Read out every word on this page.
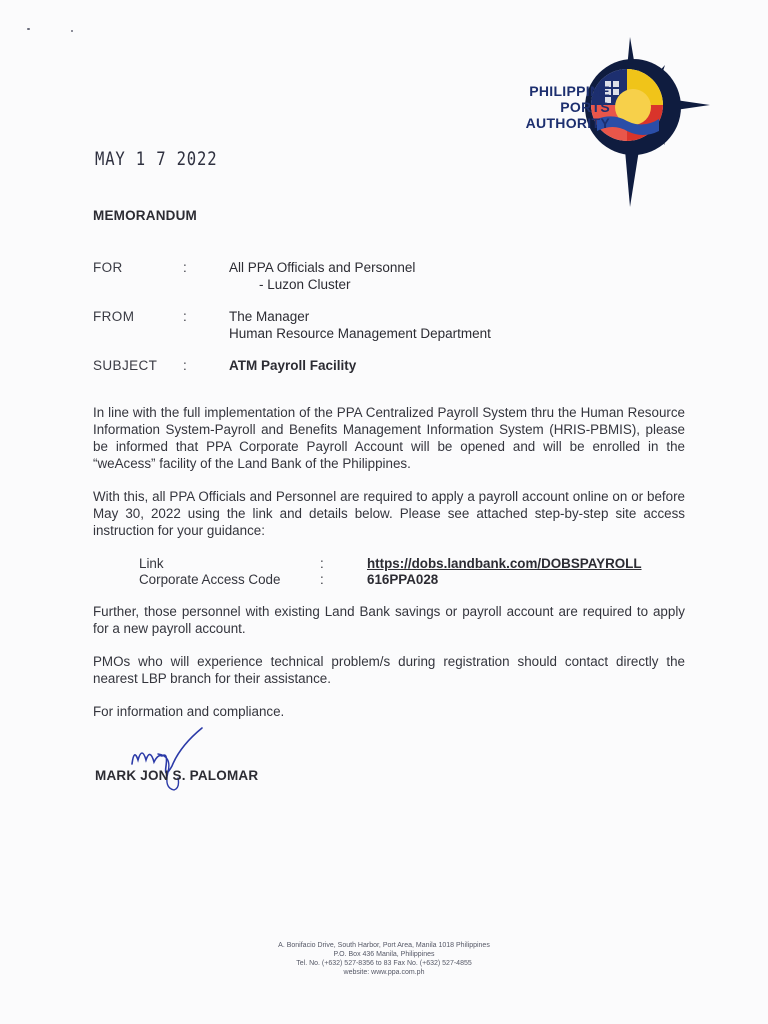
PHILIPPINE
PORTS
AUTHORITY
MAY 1 7 2022
MEMORANDUM
FOR	:	All PPA Officials and Personnel
- Luzon Cluster
FROM	:	The Manager
Human Resource Management Department
SUBJECT	:	ATM Payroll Facility

In line with the full implementation of the PPA Centralized Payroll System thru the Human Resource Information System-Payroll and Benefits Management Information System (HRIS-PBMIS), please be informed that PPA Corporate Payroll Account will be opened and will be enrolled in the “weAcess” facility of the Land Bank of the Philippines.

With this, all PPA Officials and Personnel are required to apply a payroll account online on or before May 30, 2022 using the link and details below. Please see attached step-by-step site access instruction for your guidance:

Link	:	https://dobs.landbank.com/DOBSPAYROLL
Corporate Access Code	:	616PPA028

Further, those personnel with existing Land Bank savings or payroll account are required to apply for a new payroll account.

PMOs who will experience technical problem/s during registration should contact directly the nearest LBP branch for their assistance.

For information and compliance.

MARK JON S. PALOMAR
A. Bonifacio Drive, South Harbor, Port Area, Manila 1018 Philippines
P.O. Box 436 Manila, Philippines
Tel. No. (+632) 527-8356 to 83 Fax No. (+632) 527-4855
website: www.ppa.com.ph
